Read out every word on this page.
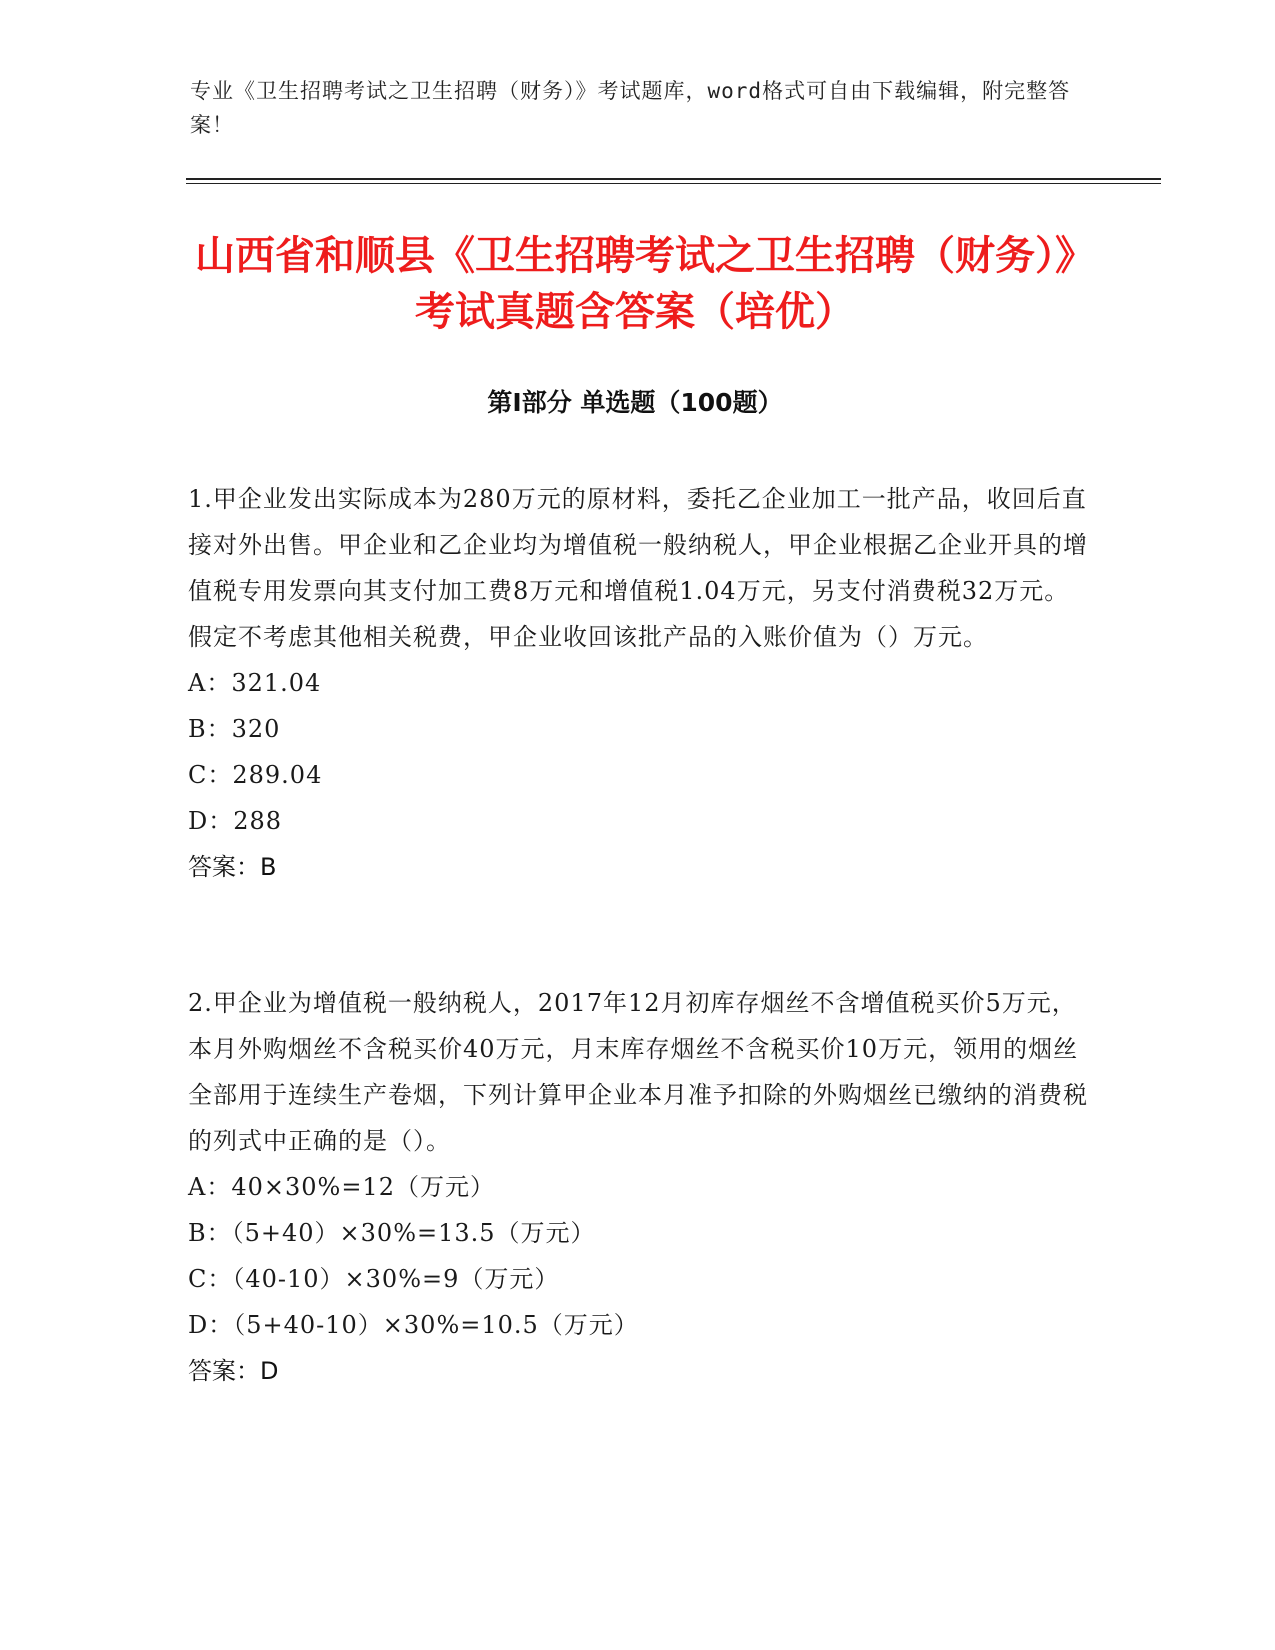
专业《卫生招聘考试之卫生招聘（财务）》考试题库，word格式可自由下载编辑，附完整答案！
山西省和顺县《卫生招聘考试之卫生招聘（财务）》考试真题含答案（培优）
第Ⅰ部分 单选题（100题）

1.甲企业发出实际成本为280万元的原材料，委托乙企业加工一批产品，收回后直接对外出售。甲企业和乙企业均为增值税一般纳税人，甲企业根据乙企业开具的增值税专用发票向其支付加工费8万元和增值税1.04万元，另支付消费税32万元。假定不考虑其他相关税费，甲企业收回该批产品的入账价值为（）万元。

A：321.04

B：320

C：289.04

D：288

答案：B

2.甲企业为增值税一般纳税人，2017年12月初库存烟丝不含增值税买价5万元，本月外购烟丝不含税买价40万元，月末库存烟丝不含税买价10万元，领用的烟丝全部用于连续生产卷烟，下列计算甲企业本月准予扣除的外购烟丝已缴纳的消费税的列式中正确的是（）。

A：40×30%=12（万元）

B：（5+40）×30%=13.5（万元）

C：（40-10）×30%=9（万元）

D：（5+40-10）×30%=10.5（万元）

答案：D
